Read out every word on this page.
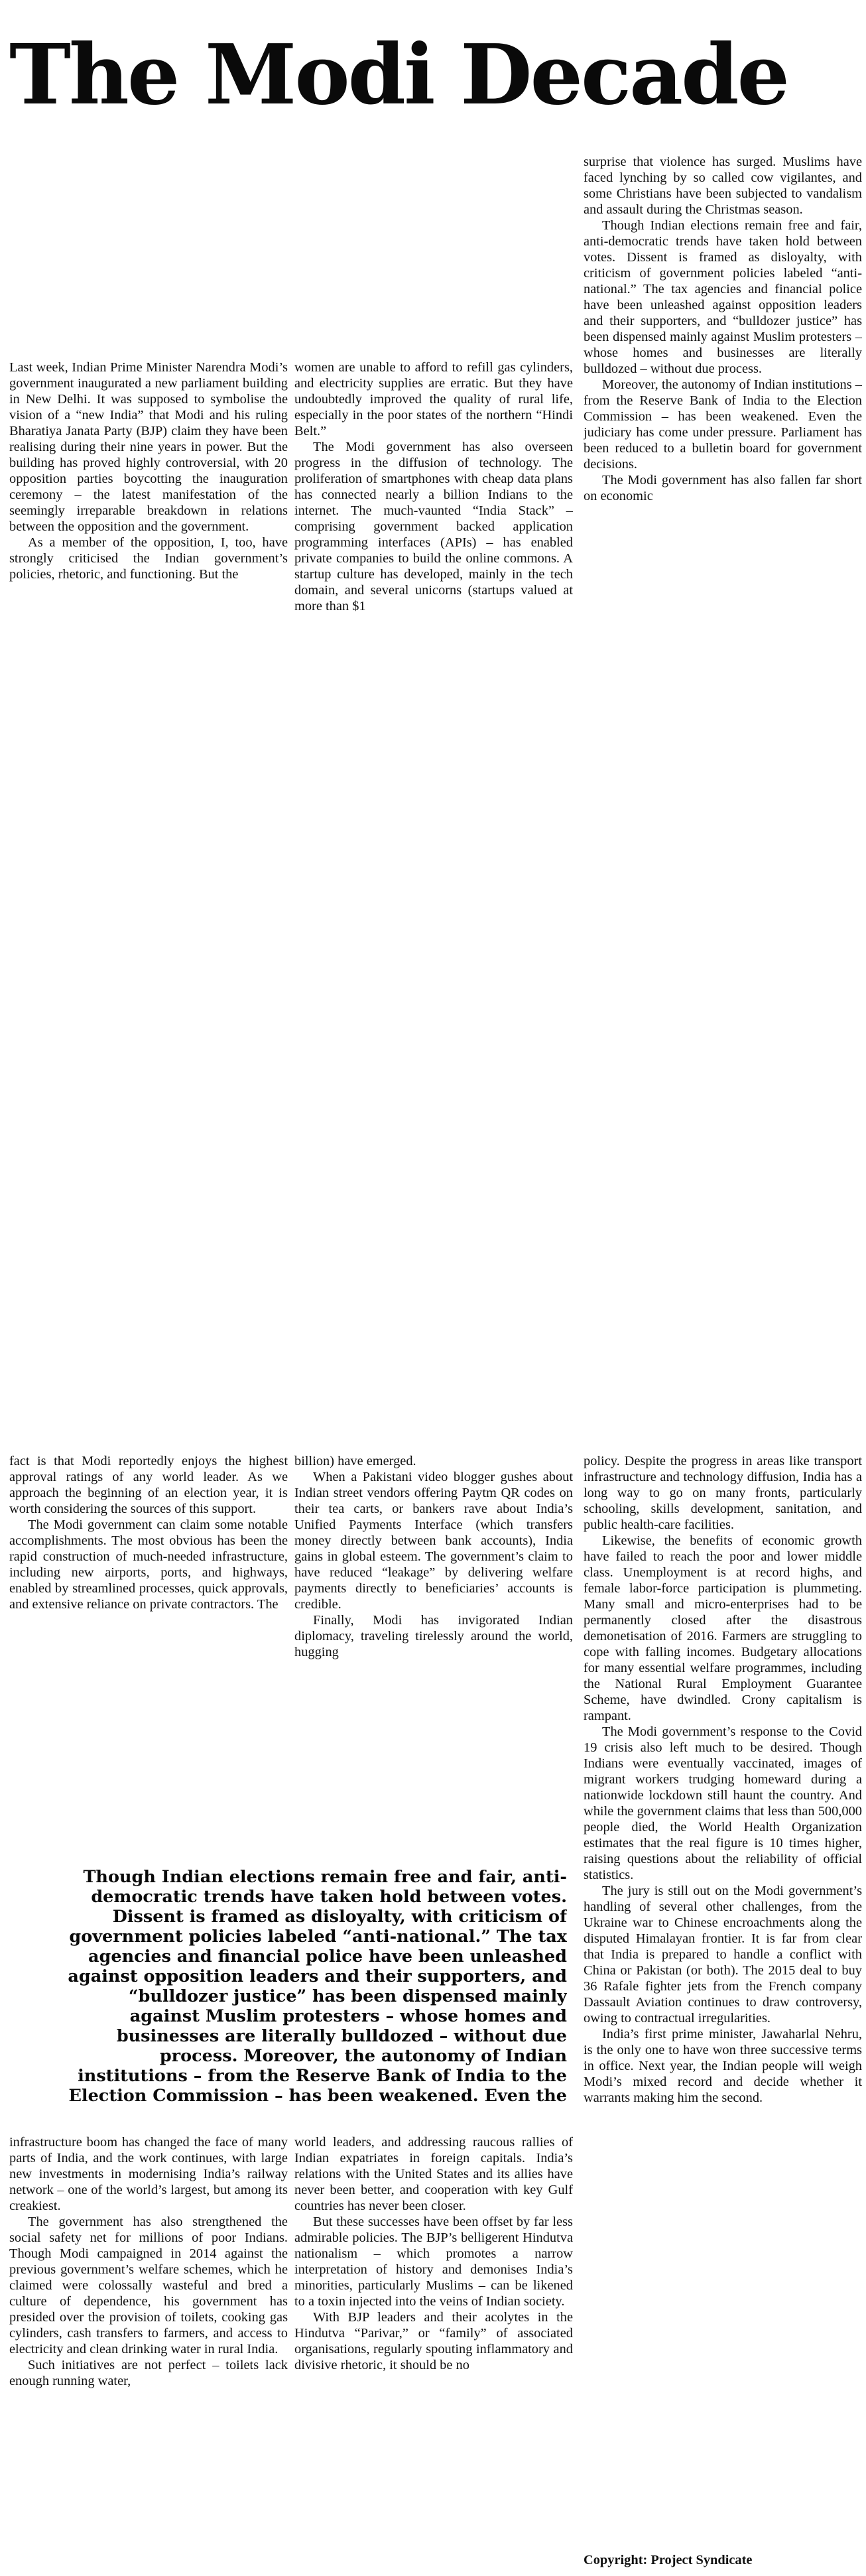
The Modi Decade

Last week, Indian Prime Minister Narendra Modi’s government inaugurated a new parliament building in New Delhi. It was supposed to symbolise the vision of a “new India” that Modi and his ruling Bharatiya Janata Party (BJP) claim they have been realising during their nine years in power. But the building has proved highly controversial, with 20 opposition parties boycotting the inauguration ceremony – the latest manifestation of the seemingly irreparable breakdown in relations between the opposition and the government.

As a member of the opposition, I, too, have strongly criticised the Indian government’s policies, rhetoric, and functioning. But the

women are unable to afford to refill gas cylinders, and electricity supplies are erratic. But they have undoubtedly improved the quality of rural life, especially in the poor states of the northern “Hindi Belt.”

The Modi government has also overseen progress in the diffusion of technology. The proliferation of smartphones with cheap data plans has connected nearly a billion Indians to the internet. The much-vaunted “India Stack” – comprising government backed application programming interfaces (APIs) – has enabled private companies to build the online commons. A startup culture has developed, mainly in the tech domain, and several unicorns (startups valued at more than $1

surprise that violence has surged. Muslims have faced lynching by so called cow vigilantes, and some Christians have been subjected to vandalism and assault during the Christmas season.

Though Indian elections remain free and fair, anti-democratic trends have taken hold between votes. Dissent is framed as disloyalty, with criticism of government policies labeled “anti-national.” The tax agencies and financial police have been unleashed against opposition leaders and their supporters, and “bulldozer justice” has been dispensed mainly against Muslim protesters – whose homes and businesses are literally bulldozed – without due process.

Moreover, the autonomy of Indian institutions – from the Reserve Bank of India to the Election Commission – has been weakened. Even the judiciary has come under pressure. Parliament has been reduced to a bulletin board for government decisions.

The Modi government has also fallen far short on economic

fact is that Modi reportedly enjoys the highest approval ratings of any world leader. As we approach the beginning of an election year, it is worth considering the sources of this support.

The Modi government can claim some notable accomplishments. The most obvious has been the rapid construction of much-needed infrastructure, including new airports, ports, and highways, enabled by streamlined processes, quick approvals, and extensive reliance on private contractors. The

billion) have emerged.

When a Pakistani video blogger gushes about Indian street vendors offering Paytm QR codes on their tea carts, or bankers rave about India’s Unified Payments Interface (which transfers money directly between bank accounts), India gains in global esteem. The government’s claim to have reduced “leakage” by delivering welfare payments directly to beneficiaries’ accounts is credible.

Finally, Modi has invigorated Indian diplomacy, traveling tirelessly around the world, hugging

policy. Despite the progress in areas like transport infrastructure and technology diffusion, India has a long way to go on many fronts, particularly schooling, skills development, sanitation, and public health-care facilities.

Likewise, the benefits of economic growth have failed to reach the poor and lower middle class. Unemployment is at record highs, and female labor-force participation is plummeting. Many small and micro-enterprises had to be permanently closed after the disastrous demonetisation of 2016. Farmers are struggling to cope with falling incomes. Budgetary allocations for many essential welfare programmes, including the National Rural Employment Guarantee Scheme, have dwindled. Crony capitalism is rampant.

The Modi government’s response to the Covid 19 crisis also left much to be desired. Though Indians were eventually vaccinated, images of migrant workers trudging homeward during a nationwide lockdown still haunt the country. And while the government claims that less than 500,000 people died, the World Health Organization estimates that the real figure is 10 times higher, raising questions about the reliability of official statistics.

The jury is still out on the Modi government’s handling of several other challenges, from the Ukraine war to Chinese encroachments along the disputed Himalayan frontier. It is far from clear that India is prepared to handle a conflict with China or Pakistan (or both). The 2015 deal to buy 36 Rafale fighter jets from the French company Dassault Aviation continues to draw controversy, owing to contractual irregularities.

India’s first prime minister, Jawaharlal Nehru, is the only one to have won three successive terms in office. Next year, the Indian people will weigh Modi’s mixed record and decide whether it warrants making him the second.

Though Indian elections remain free and fair, anti-democratic trends have taken hold between votes. Dissent is framed as disloyalty, with criticism of government policies labeled “anti-national.” The tax agencies and financial police have been unleashed against opposition leaders and their supporters, and “bulldozer justice” has been dispensed mainly against Muslim protesters – whose homes and businesses are literally bulldozed – without due process. Moreover, the autonomy of Indian institutions – from the Reserve Bank of India to the Election Commission – has been weakened. Even the

infrastructure boom has changed the face of many parts of India, and the work continues, with large new investments in modernising India’s railway network – one of the world’s largest, but among its creakiest.

The government has also strengthened the social safety net for millions of poor Indians. Though Modi campaigned in 2014 against the previous government’s welfare schemes, which he claimed were colossally wasteful and bred a culture of dependence, his government has presided over the provision of toilets, cooking gas cylinders, cash transfers to farmers, and access to electricity and clean drinking water in rural India.

Such initiatives are not perfect – toilets lack enough running water,

world leaders, and addressing raucous rallies of Indian expatriates in foreign capitals. India’s relations with the United States and its allies have never been better, and cooperation with key Gulf countries has never been closer.

But these successes have been offset by far less admirable policies. The BJP’s belligerent Hindutva nationalism – which promotes a narrow interpretation of history and demonises India’s minorities, particularly Muslims – can be likened to a toxin injected into the veins of Indian society.

With BJP leaders and their acolytes in the Hindutva “Parivar,” or “family” of associated organisations, regularly spouting inflammatory and divisive rhetoric, it should be no

Copyright: Project Syndicate
